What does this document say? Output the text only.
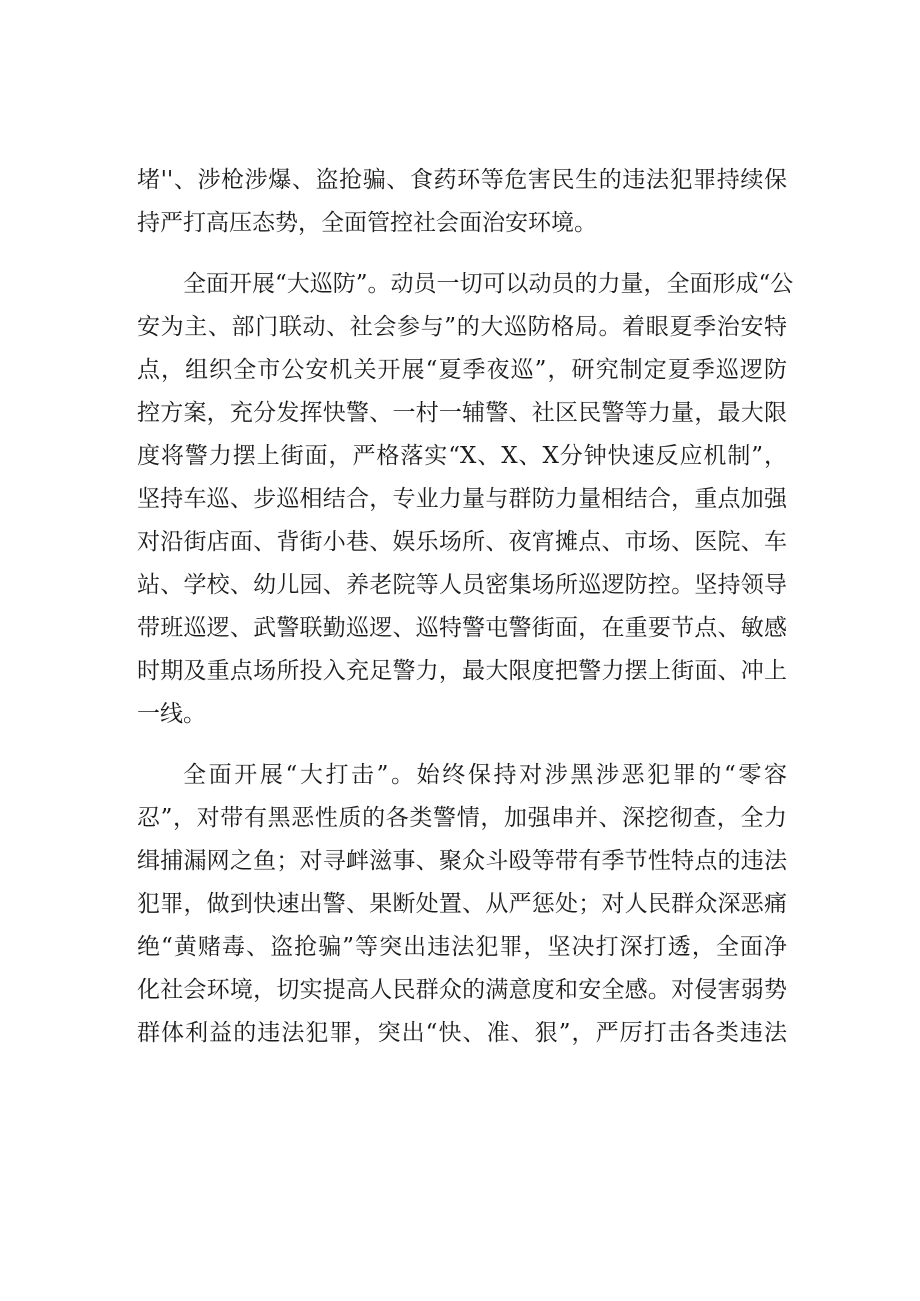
堵''、涉枪涉爆、盗抢骗、食药环等危害民生的违法犯罪持续保
持严打高压态势，全面管控社会面治安环境。
全面开展“大巡防”。动员一切可以动员的力量，全面形成“公
安为主、部门联动、社会参与”的大巡防格局。着眼夏季治安特
点，组织全市公安机关开展“夏季夜巡”，研究制定夏季巡逻防
控方案，充分发挥快警、一村一辅警、社区民警等力量，最大限
度将警力摆上街面，严格落实“X、X、X分钟快速反应机制”，
坚持车巡、步巡相结合，专业力量与群防力量相结合，重点加强
对沿街店面、背街小巷、娱乐场所、夜宵摊点、市场、医院、车
站、学校、幼儿园、养老院等人员密集场所巡逻防控。坚持领导
带班巡逻、武警联勤巡逻、巡特警屯警街面，在重要节点、敏感
时期及重点场所投入充足警力，最大限度把警力摆上街面、冲上
一线。
全面开展“大打击”。始终保持对涉黑涉恶犯罪的“零容
忍”，对带有黑恶性质的各类警情，加强串并、深挖彻查，全力
缉捕漏网之鱼；对寻衅滋事、聚众斗殴等带有季节性特点的违法
犯罪，做到快速出警、果断处置、从严惩处；对人民群众深恶痛
绝“黄赌毒、盗抢骗”等突出违法犯罪，坚决打深打透，全面净
化社会环境，切实提高人民群众的满意度和安全感。对侵害弱势
群体利益的违法犯罪，突出“快、准、狠”，严厉打击各类违法
